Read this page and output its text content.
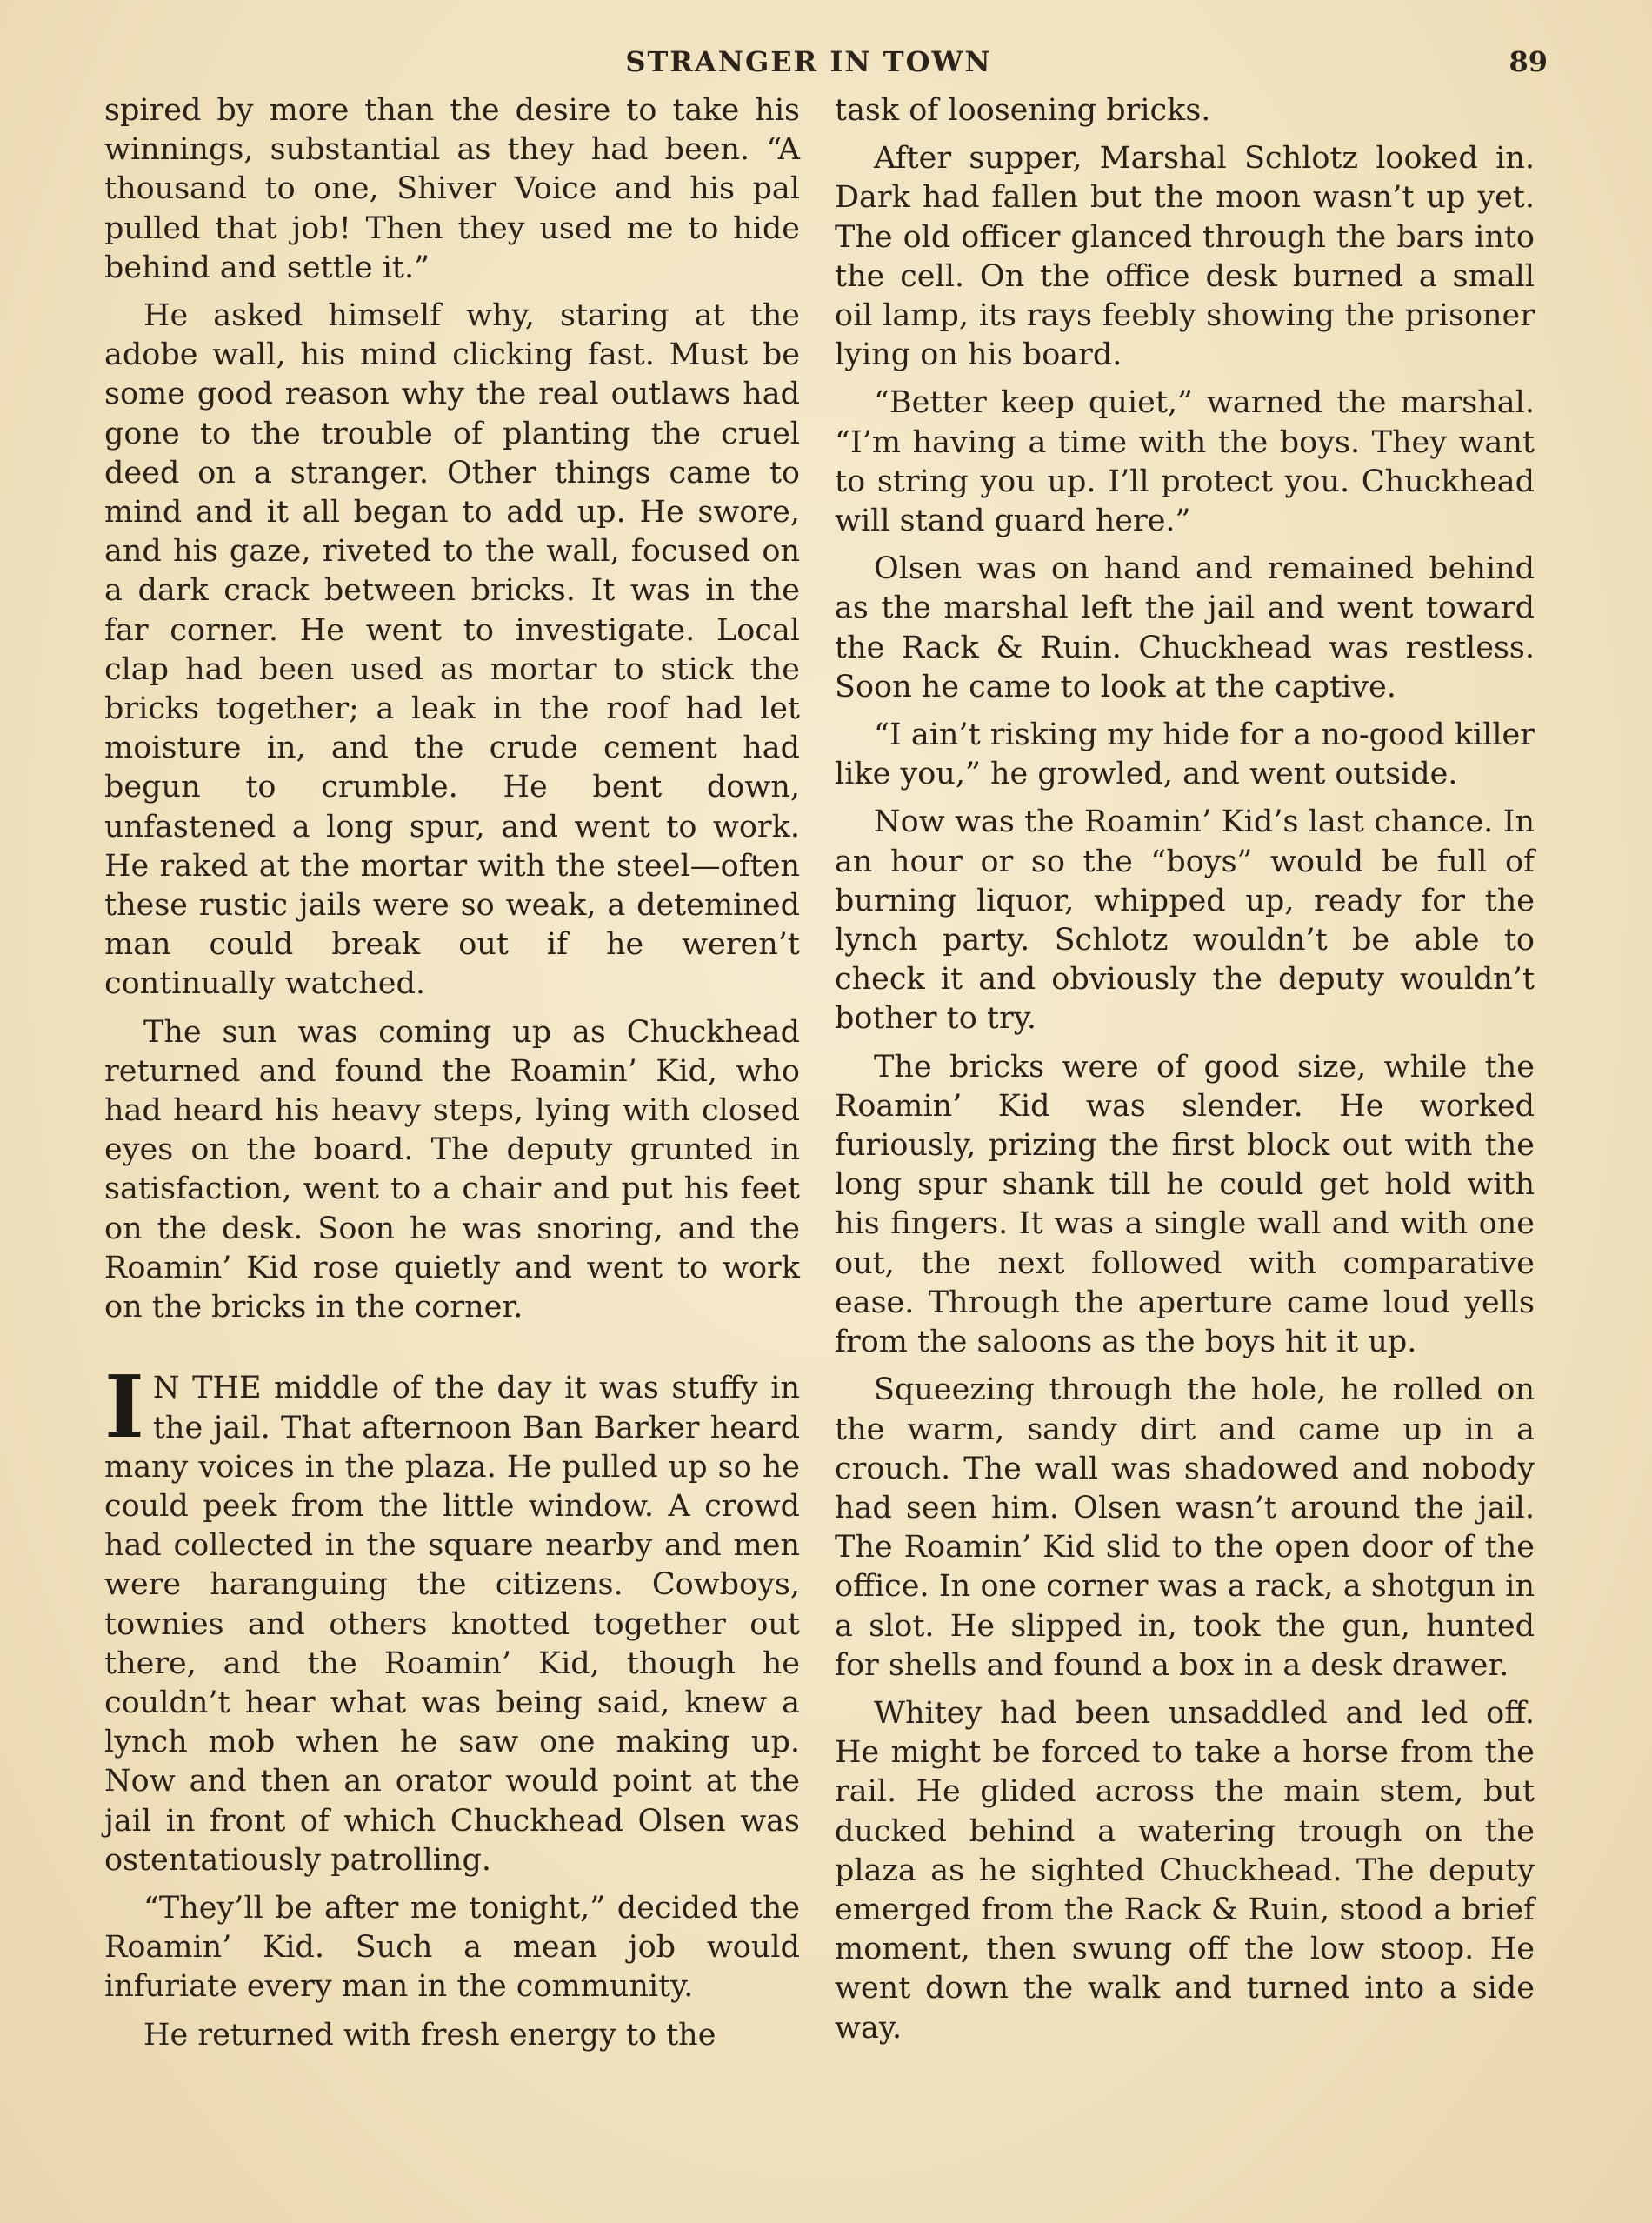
STRANGER IN TOWN	89

spired by more than the desire to take his winnings, substantial as they had been. “A thousand to one, Shiver Voice and his pal pulled that job! Then they used me to hide behind and settle it.”

He asked himself why, staring at the adobe wall, his mind clicking fast. Must be some good reason why the real outlaws had gone to the trouble of planting the cruel deed on a stranger. Other things came to mind and it all began to add up. He swore, and his gaze, riveted to the wall, focused on a dark crack between bricks. It was in the far corner. He went to investigate. Local clap had been used as mortar to stick the bricks together; a leak in the roof had let moisture in, and the crude cement had begun to crumble. He bent down, unfastened a long spur, and went to work. He raked at the mortar with the steel—often these rustic jails were so weak, a detemined man could break out if he weren’t continually watched.

The sun was coming up as Chuckhead returned and found the Roamin’ Kid, who had heard his heavy steps, lying with closed eyes on the board. The deputy grunted in satisfaction, went to a chair and put his feet on the desk. Soon he was snoring, and the Roamin’ Kid rose quietly and went to work on the bricks in the corner.

I N THE middle of the day it was stuffy in the jail. That afternoon Ban Barker heard many voices in the plaza. He pulled up so he could peek from the little window. A crowd had collected in the square nearby and men were haranguing the citizens. Cowboys, townies and others knotted together out there, and the Roamin’ Kid, though he couldn’t hear what was being said, knew a lynch mob when he saw one making up. Now and then an orator would point at the jail in front of which Chuckhead Olsen was ostentatiously patrolling.

“They’ll be after me tonight,” decided the Roamin’ Kid. Such a mean job would infuriate every man in the community.

He returned with fresh energy to the

task of loosening bricks.

After supper, Marshal Schlotz looked in. Dark had fallen but the moon wasn’t up yet. The old officer glanced through the bars into the cell. On the office desk burned a small oil lamp, its rays feebly showing the prisoner lying on his board.

“Better keep quiet,” warned the marshal. “I’m having a time with the boys. They want to string you up. I’ll protect you. Chuckhead will stand guard here.”

Olsen was on hand and remained behind as the marshal left the jail and went toward the Rack & Ruin. Chuckhead was restless. Soon he came to look at the captive.

“I ain’t risking my hide for a no-good killer like you,” he growled, and went outside.

Now was the Roamin’ Kid’s last chance. In an hour or so the “boys” would be full of burning liquor, whipped up, ready for the lynch party. Schlotz wouldn’t be able to check it and obviously the deputy wouldn’t bother to try.

The bricks were of good size, while the Roamin’ Kid was slender. He worked furiously, prizing the first block out with the long spur shank till he could get hold with his fingers. It was a single wall and with one out, the next followed with comparative ease. Through the aperture came loud yells from the saloons as the boys hit it up.

Squeezing through the hole, he rolled on the warm, sandy dirt and came up in a crouch. The wall was shadowed and nobody had seen him. Olsen wasn’t around the jail. The Roamin’ Kid slid to the open door of the office. In one corner was a rack, a shotgun in a slot. He slipped in, took the gun, hunted for shells and found a box in a desk drawer.

Whitey had been unsaddled and led off. He might be forced to take a horse from the rail. He glided across the main stem, but ducked behind a watering trough on the plaza as he sighted Chuckhead. The deputy emerged from the Rack & Ruin, stood a brief moment, then swung off the low stoop. He went down the walk and turned into a side way.
